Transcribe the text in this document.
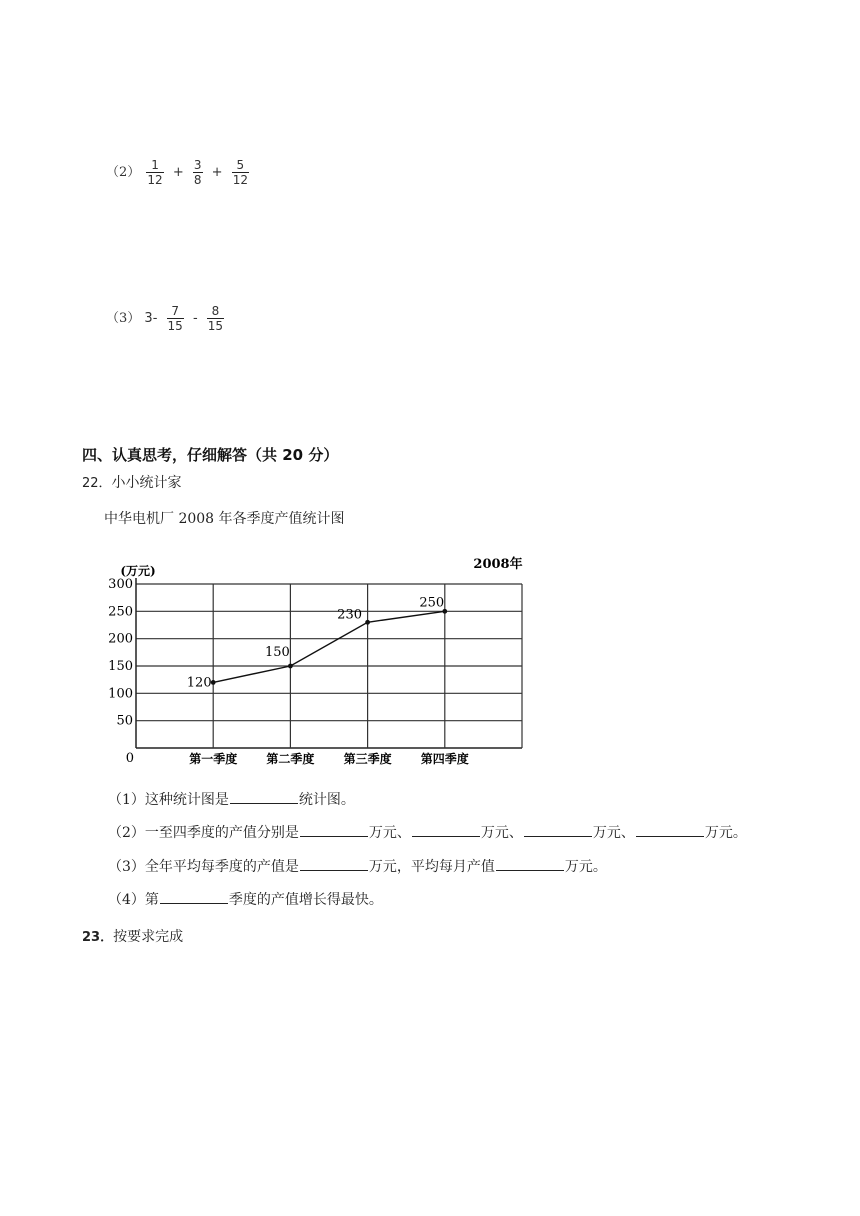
$(2) \frac{1}{12} + \frac{3}{8} + \frac{5}{12}$
（3） $3- \frac{7}{15} - \frac{8}{15}$
四、认真思考，仔细解答（共 20 分）
22．小小统计家
中华电机厂 2008 年各季度产值统计图
0
50
100
150
200
250
300
第一季度 第二季度 第三季度 第四季度
120
150
230
250
(万元)	2008年
（1）这种统计图是	统计图。
（2）一至四季度的产值分别是	万元、	万元、	万元、	万元。
（3）全年平均每季度的产值是	万元，平均每月产值	万元。
（4）第	季度的产值增长得最快。
23．按要求完成
